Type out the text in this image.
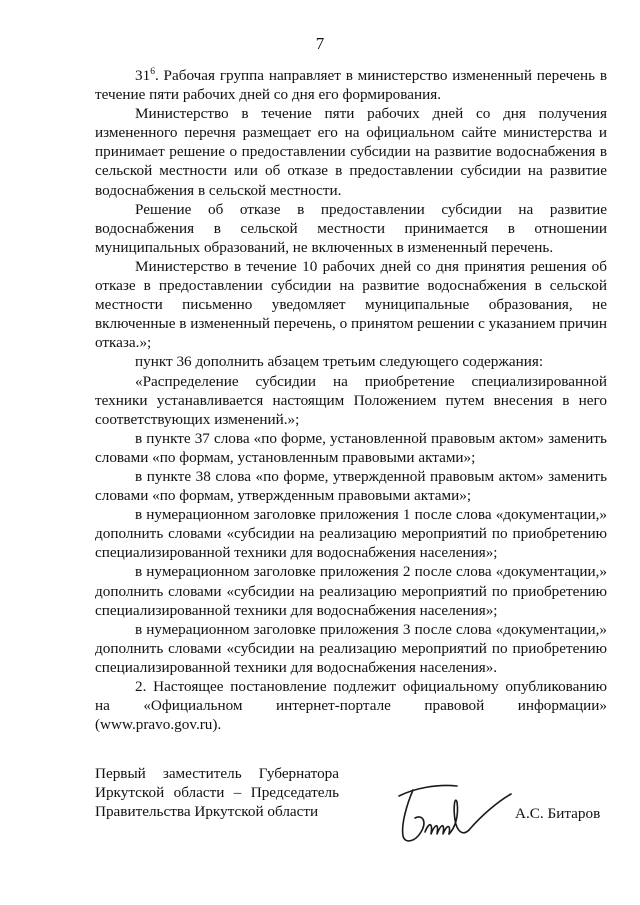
7

$31^6$. Рабочая группа направляет в министерство измененный перечень в течение пяти рабочих дней со дня его формирования.

Министерство в течение пяти рабочих дней со дня получения измененного перечня размещает его на официальном сайте министерства и принимает решение о предоставлении субсидии на развитие водоснабжения в сельской местности или об отказе в предоставлении субсидии на развитие водоснабжения в сельской местности.

Решение об отказе в предоставлении субсидии на развитие водоснабжения в сельской местности принимается в отношении муниципальных образований, не включенных в измененный перечень.

Министерство в течение 10 рабочих дней со дня принятия решения об отказе в предоставлении субсидии на развитие водоснабжения в сельской местности письменно уведомляет муниципальные образования, не включенные в измененный перечень, о принятом решении с указанием причин отказа.»;

пункт 36 дополнить абзацем третьим следующего содержания:

«Распределение субсидии на приобретение специализированной техники устанавливается настоящим Положением путем внесения в него соответствующих изменений.»;

в пункте 37 слова «по форме, установленной правовым актом» заменить словами «по формам, установленным правовыми актами»;

в пункте 38 слова «по форме, утвержденной правовым актом» заменить словами «по формам, утвержденным правовыми актами»;

в нумерационном заголовке приложения 1 после слова «документации,» дополнить словами «субсидии на реализацию мероприятий по приобретению специализированной техники для водоснабжения населения»;

в нумерационном заголовке приложения 2 после слова «документации,» дополнить словами «субсидии на реализацию мероприятий по приобретению специализированной техники для водоснабжения населения»;

в нумерационном заголовке приложения 3 после слова «документации,» дополнить словами «субсидии на реализацию мероприятий по приобретению специализированной техники для водоснабжения населения».

2. Настоящее постановление подлежит официальному опубликованию на «Официальном интернет-портале правовой информации» (www.pravo.gov.ru).

Первый заместитель Губернатора
Иркутской области – Председатель
Правительства Иркутской области	А.С. Битаров
